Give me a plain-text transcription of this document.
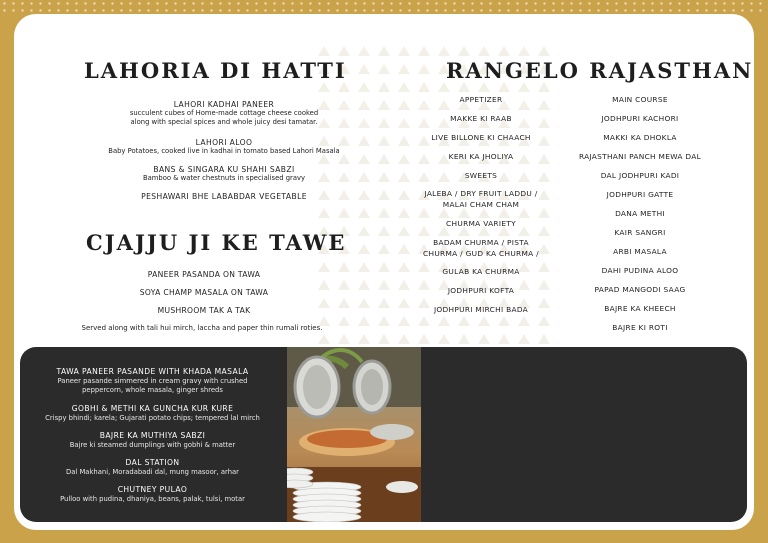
LAHORIA DI HATTI
LAHORI KADHAI PANEER
succulent cubes of Home-made cottage cheese cooked
along with special spices and whole juicy desi tamatar.
LAHORI ALOO
Baby Potatoes, cooked live in kadhai in tomato based Lahori Masala
BANS & SINGARA KU SHAHI SABZI
Bamboo & water chestnuts in specialised gravy
PESHAWARI BHE LABABDAR VEGETABLE
CJAJJU JI KE TAWE
PANEER PASANDA ON TAWA
SOYA CHAMP MASALA ON TAWA
MUSHROOM TAK A TAK
Served along with tali hui mirch, laccha and paper thin rumali roties.
RANGELO RAJASTHAN
APPETIZER
MAKKE KI RAAB
LIVE BILLONE KI CHAACH
KERI KA JHOLIYA
SWEETS
JALEBA / DRY FRUIT LADDU /
MALAI CHAM CHAM
CHURMA VARIETY
BADAM CHURMA / PISTA
CHURMA / GUD KA CHURMA /
GULAB KA CHURMA
JODHPURI KOFTA
JODHPURI MIRCHI BADA
MAIN COURSE
JODHPURI KACHORI
MAKKI KA DHOKLA
RAJASTHANI PANCH MEWA DAL
DAL JODHPURI KADI
JODHPURI GATTE
DANA METHI
KAIR SANGRI
ARBI MASALA
DAHI PUDINA ALOO
PAPAD MANGODI SAAG
BAJRE KA KHEECH
BAJRE KI ROTI
TAWA PANEER PASANDE WITH KHADA MASALA
Paneer pasande simmered in cream gravy with crushed
peppercorn, whole masala, ginger shreds
GOBHI & METHI KA GUNCHA KUR KURE
Crispy bhindi; karela; Gujarati potato chips; tempered lal mirch
BAJRE KA MUTHIYA SABZI
Bajre ki steamed dumplings with gobhi & matter
DAL STATION
Dal Makhani, Moradabadi dal, mung masoor, arhar
CHUTNEY PULAO
Pulloo with pudina, dhaniya, beans, palak, tulsi, motar
